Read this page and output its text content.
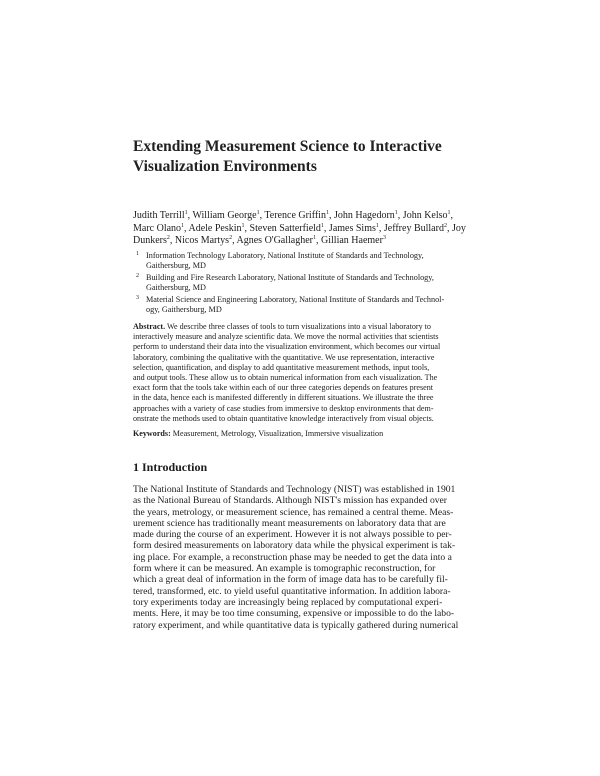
Extending Measurement Science to Interactive
Visualization Environments
Judith Terrill$^1$, William George$^1$, Terence Griffin$^1$, John Hagedorn$^1$, John Kelso$^1$,
Marc Olano$^1$, Adele Peskin$^1$, Steven Satterfield$^1$, James Sims$^1$, Jeffrey Bullard$^2$, Joy
Dunkers$^2$, Nicos Martys$^2$, Agnes O'Gallagher$^1$, Gillian Haemer$^3$
1 Information Technology Laboratory, National Institute of Standards and Technology,
Gaithersburg, MD
2 Building and Fire Research Laboratory, National Institute of Standards and Technology,
Gaithersburg, MD
3 Material Science and Engineering Laboratory, National Institute of Standards and Technol-
ogy, Gaithersburg, MD
Abstract. We describe three classes of tools to turn visualizations into a visual laboratory to
interactively measure and analyze scientific data. We move the normal activities that scientists
perform to understand their data into the visualization environment, which becomes our virtual
laboratory, combining the qualitative with the quantitative. We use representation, interactive
selection, quantification, and display to add quantitative measurement methods, input tools,
and output tools. These allow us to obtain numerical information from each visualization. The
exact form that the tools take within each of our three categories depends on features present
in the data, hence each is manifested differently in different situations. We illustrate the three
approaches with a variety of case studies from immersive to desktop environments that dem-
onstrate the methods used to obtain quantitative knowledge interactively from visual objects.
Keywords: Measurement, Metrology, Visualization, Immersive visualization
1 Introduction
The National Institute of Standards and Technology (NIST) was established in 1901
as the National Bureau of Standards. Although NIST's mission has expanded over
the years, metrology, or measurement science, has remained a central theme. Meas-
urement science has traditionally meant measurements on laboratory data that are
made during the course of an experiment. However it is not always possible to per-
form desired measurements on laboratory data while the physical experiment is tak-
ing place. For example, a reconstruction phase may be needed to get the data into a
form where it can be measured. An example is tomographic reconstruction, for
which a great deal of information in the form of image data has to be carefully fil-
tered, transformed, etc. to yield useful quantitative information. In addition labora-
tory experiments today are increasingly being replaced by computational experi-
ments. Here, it may be too time consuming, expensive or impossible to do the labo-
ratory experiment, and while quantitative data is typically gathered during numerical
